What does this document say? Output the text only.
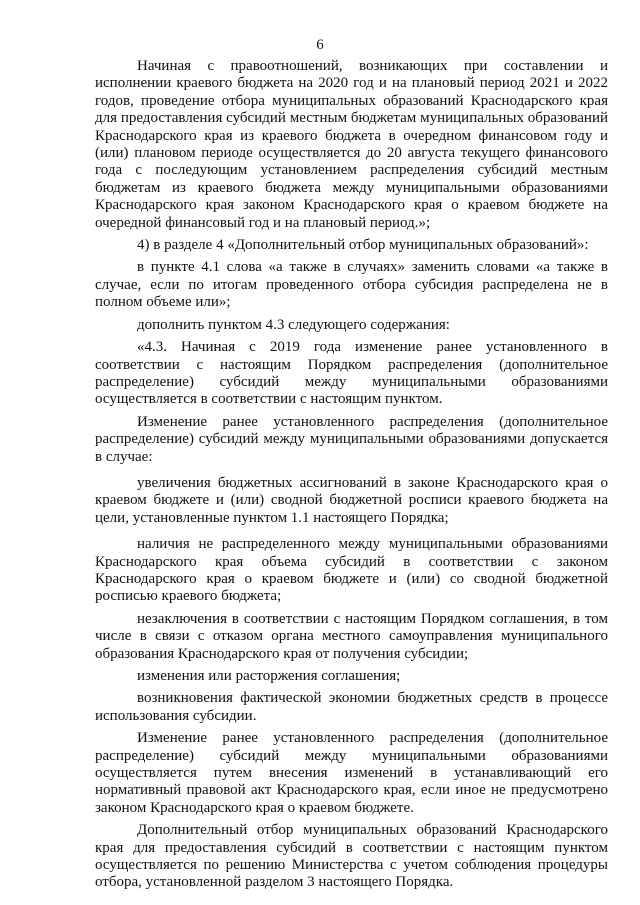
6

Начиная с правоотношений, возникающих при составлении и исполнении краевого бюджета на 2020 год и на плановый период 2021 и 2022 годов, проведение отбора муниципальных образований Краснодарского края для предоставления субсидий местным бюджетам муниципальных образований Краснодарского края из краевого бюджета в очередном финансовом году и (или) плановом периоде осуществляется до 20 августа текущего финансового года с последующим установлением распределения субсидий местным бюджетам из краевого бюджета между муниципальными образованиями Краснодарского края законом Краснодарского края о краевом бюджете на очередной финансовый год и на плановый период.»;

4) в разделе 4 «Дополнительный отбор муниципальных образований»:

в пункте 4.1 слова «а также в случаях» заменить словами «а также в случае, если по итогам проведенного отбора субсидия распределена не в полном объеме или»;

дополнить пунктом 4.3 следующего содержания:

«4.3. Начиная с 2019 года изменение ранее установленного в соответствии с настоящим Порядком распределения (дополнительное распределение) субсидий между муниципальными образованиями осуществляется в соответствии с настоящим пунктом.

Изменение ранее установленного распределения (дополнительное распределение) субсидий между муниципальными образованиями допускается в случае:

увеличения бюджетных ассигнований в законе Краснодарского края о краевом бюджете и (или) сводной бюджетной росписи краевого бюджета на цели, установленные пунктом 1.1 настоящего Порядка;

наличия не распределенного между муниципальными образованиями Краснодарского края объема субсидий в соответствии с законом Краснодарского края о краевом бюджете и (или) со сводной бюджетной росписью краевого бюджета;

незаключения в соответствии с настоящим Порядком соглашения, в том числе в связи с отказом органа местного самоуправления муниципального образования Краснодарского края от получения субсидии;

изменения или расторжения соглашения;

возникновения фактической экономии бюджетных средств в процессе использования субсидии.

Изменение ранее установленного распределения (дополнительное распределение) субсидий между муниципальными образованиями осуществляется путем внесения изменений в устанавливающий его нормативный правовой акт Краснодарского края, если иное не предусмотрено законом Краснодарского края о краевом бюджете.

Дополнительный отбор муниципальных образований Краснодарского края для предоставления субсидий в соответствии с настоящим пунктом осуществляется по решению Министерства с учетом соблюдения процедуры отбора, установленной разделом 3 настоящего Порядка.
